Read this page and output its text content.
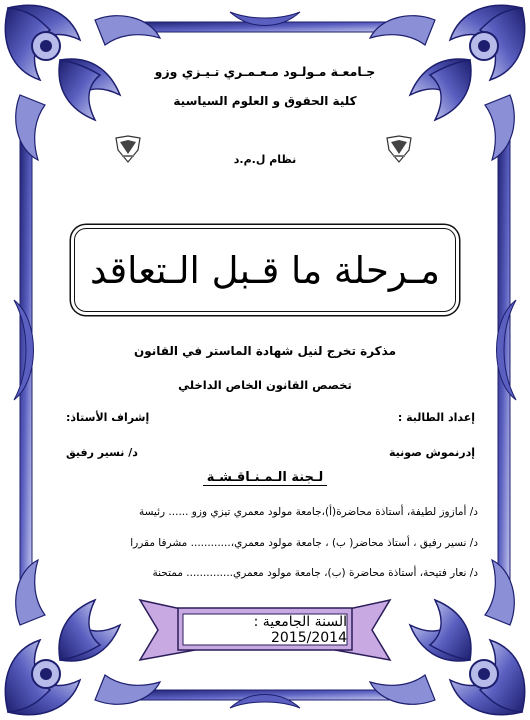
جـامعـة مـولـود مـعـمـري تـيـزي وزو
كلية الحقوق و العلوم السياسية
نظام ل.م.د
مـرحلة ما قـبل الـتعاقد
مذكرة تخرج لنيل شهادة الماستر في القانون
تخصص القانون الخاص الداخلي
إعداد الطالبة :
إشراف الأستاذ:
إدرنموش صونية
د/ نسير رفيق
لـجنة الـمـنـاقـشـة
د/ أمازوز لطيفة، أستاذة محاضرة(أ)،جامعة مولود معمري تيزي وزو ...... رئيسة
د/ نسير رفيق ، أستاذ محاضر( ب) ، جامعة مولود معمري،............ مشرفا مقررا
د/ نعار فتيحة، أستاذة محاضرة (ب)، جامعة مولود معمري.............. ممتحنة
السنة الجامعية : 2015/2014
